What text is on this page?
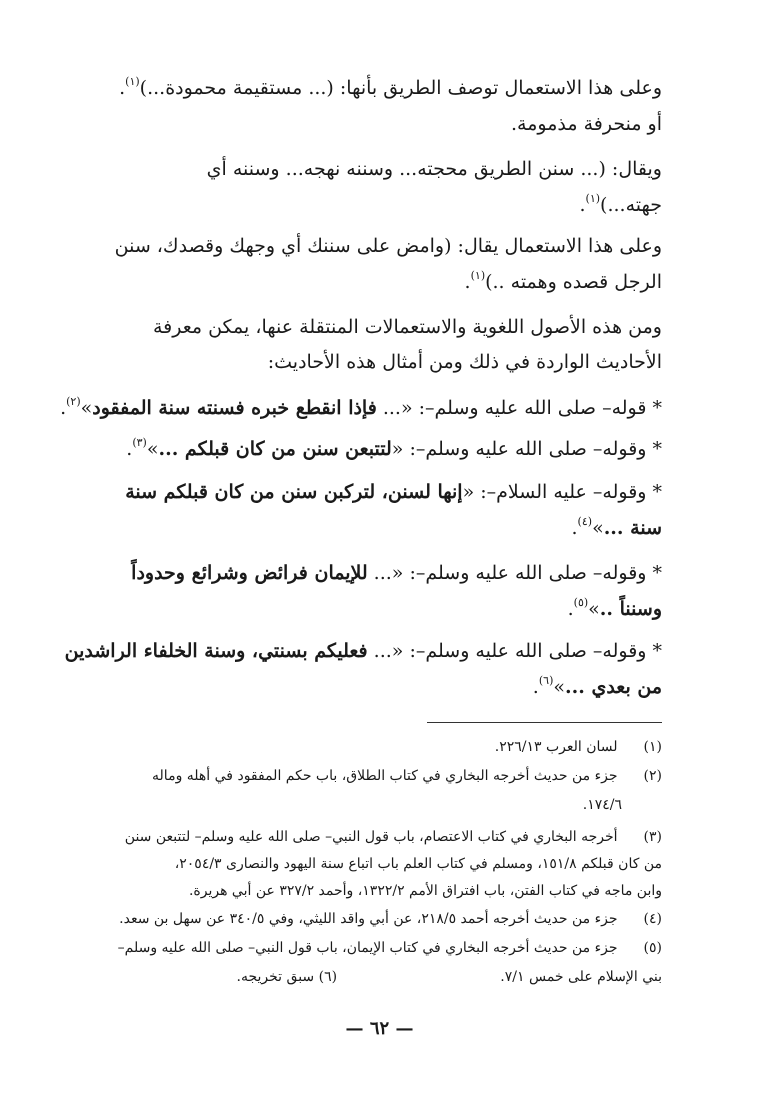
وعلى هذا الاستعمال توصف الطريق بأنها: (... مستقيمة محمودة...)$^{(١)}$.
أو منحرفة مذمومة.
ويقال: (... سنن الطريق محجته... وسننه نهجه... وسننه أي
جهته...)$^{(١)}$.
وعلى هذا الاستعمال يقال: (وامض على سننك أي وجهك وقصدك، سنن
الرجل قصده وهمته ..)$^{(١)}$.
ومن هذه الأصول اللغوية والاستعمالات المنتقلة عنها، يمكن معرفة
الأحاديث الواردة في ذلك ومن أمثال هذه الأحاديث:
* قوله– صلى الله عليه وسلم–: «... فإذا انقطع خبره فسنته سنة المفقود»$^{(٢)}$.
* وقوله– صلى الله عليه وسلم–: «لتتبعن سنن من كان قبلكم ...»$^{(٣)}$.
* وقوله– عليه السلام–: «إنها لسنن، لتركبن سنن من كان قبلكم سنة
سنة ...»$^{(٤)}$.
* وقوله– صلى الله عليه وسلم–: «... للإيمان فرائض وشرائع وحدوداً
وسنناً ..»$^{(٥)}$.
* وقوله– صلى الله عليه وسلم–: «... فعليكم بسنتي، وسنة الخلفاء الراشدين
من بعدي ...»$^{(٦)}$.
(١) لسان العرب ٢٢٦/١٣.
(٢) جزء من حديث أخرجه البخاري في كتاب الطلاق، باب حكم المفقود في أهله وماله
١٧٤/٦.
(٣) أخرجه البخاري في كتاب الاعتصام، باب قول النبي– صلى الله عليه وسلم– لتتبعن سنن
من كان قبلكم ١٥١/٨، ومسلم في كتاب العلم باب اتباع سنة اليهود والنصارى ٢٠٥٤/٣،
وابن ماجه في كتاب الفتن، باب افتراق الأمم ١٣٢٢/٢، وأحمد ٣٢٧/٢ عن أبي هريرة.
(٤) جزء من حديث أخرجه أحمد ٢١٨/٥، عن أبي واقد الليثي، وفي ٣٤٠/٥ عن سهل بن سعد.
(٥) جزء من حديث أخرجه البخاري في كتاب الإيمان، باب قول النبي– صلى الله عليه وسلم–
بني الإسلام على خمس ٧/١.  (٦) سبق تخريجه.
— ٦٢ —
